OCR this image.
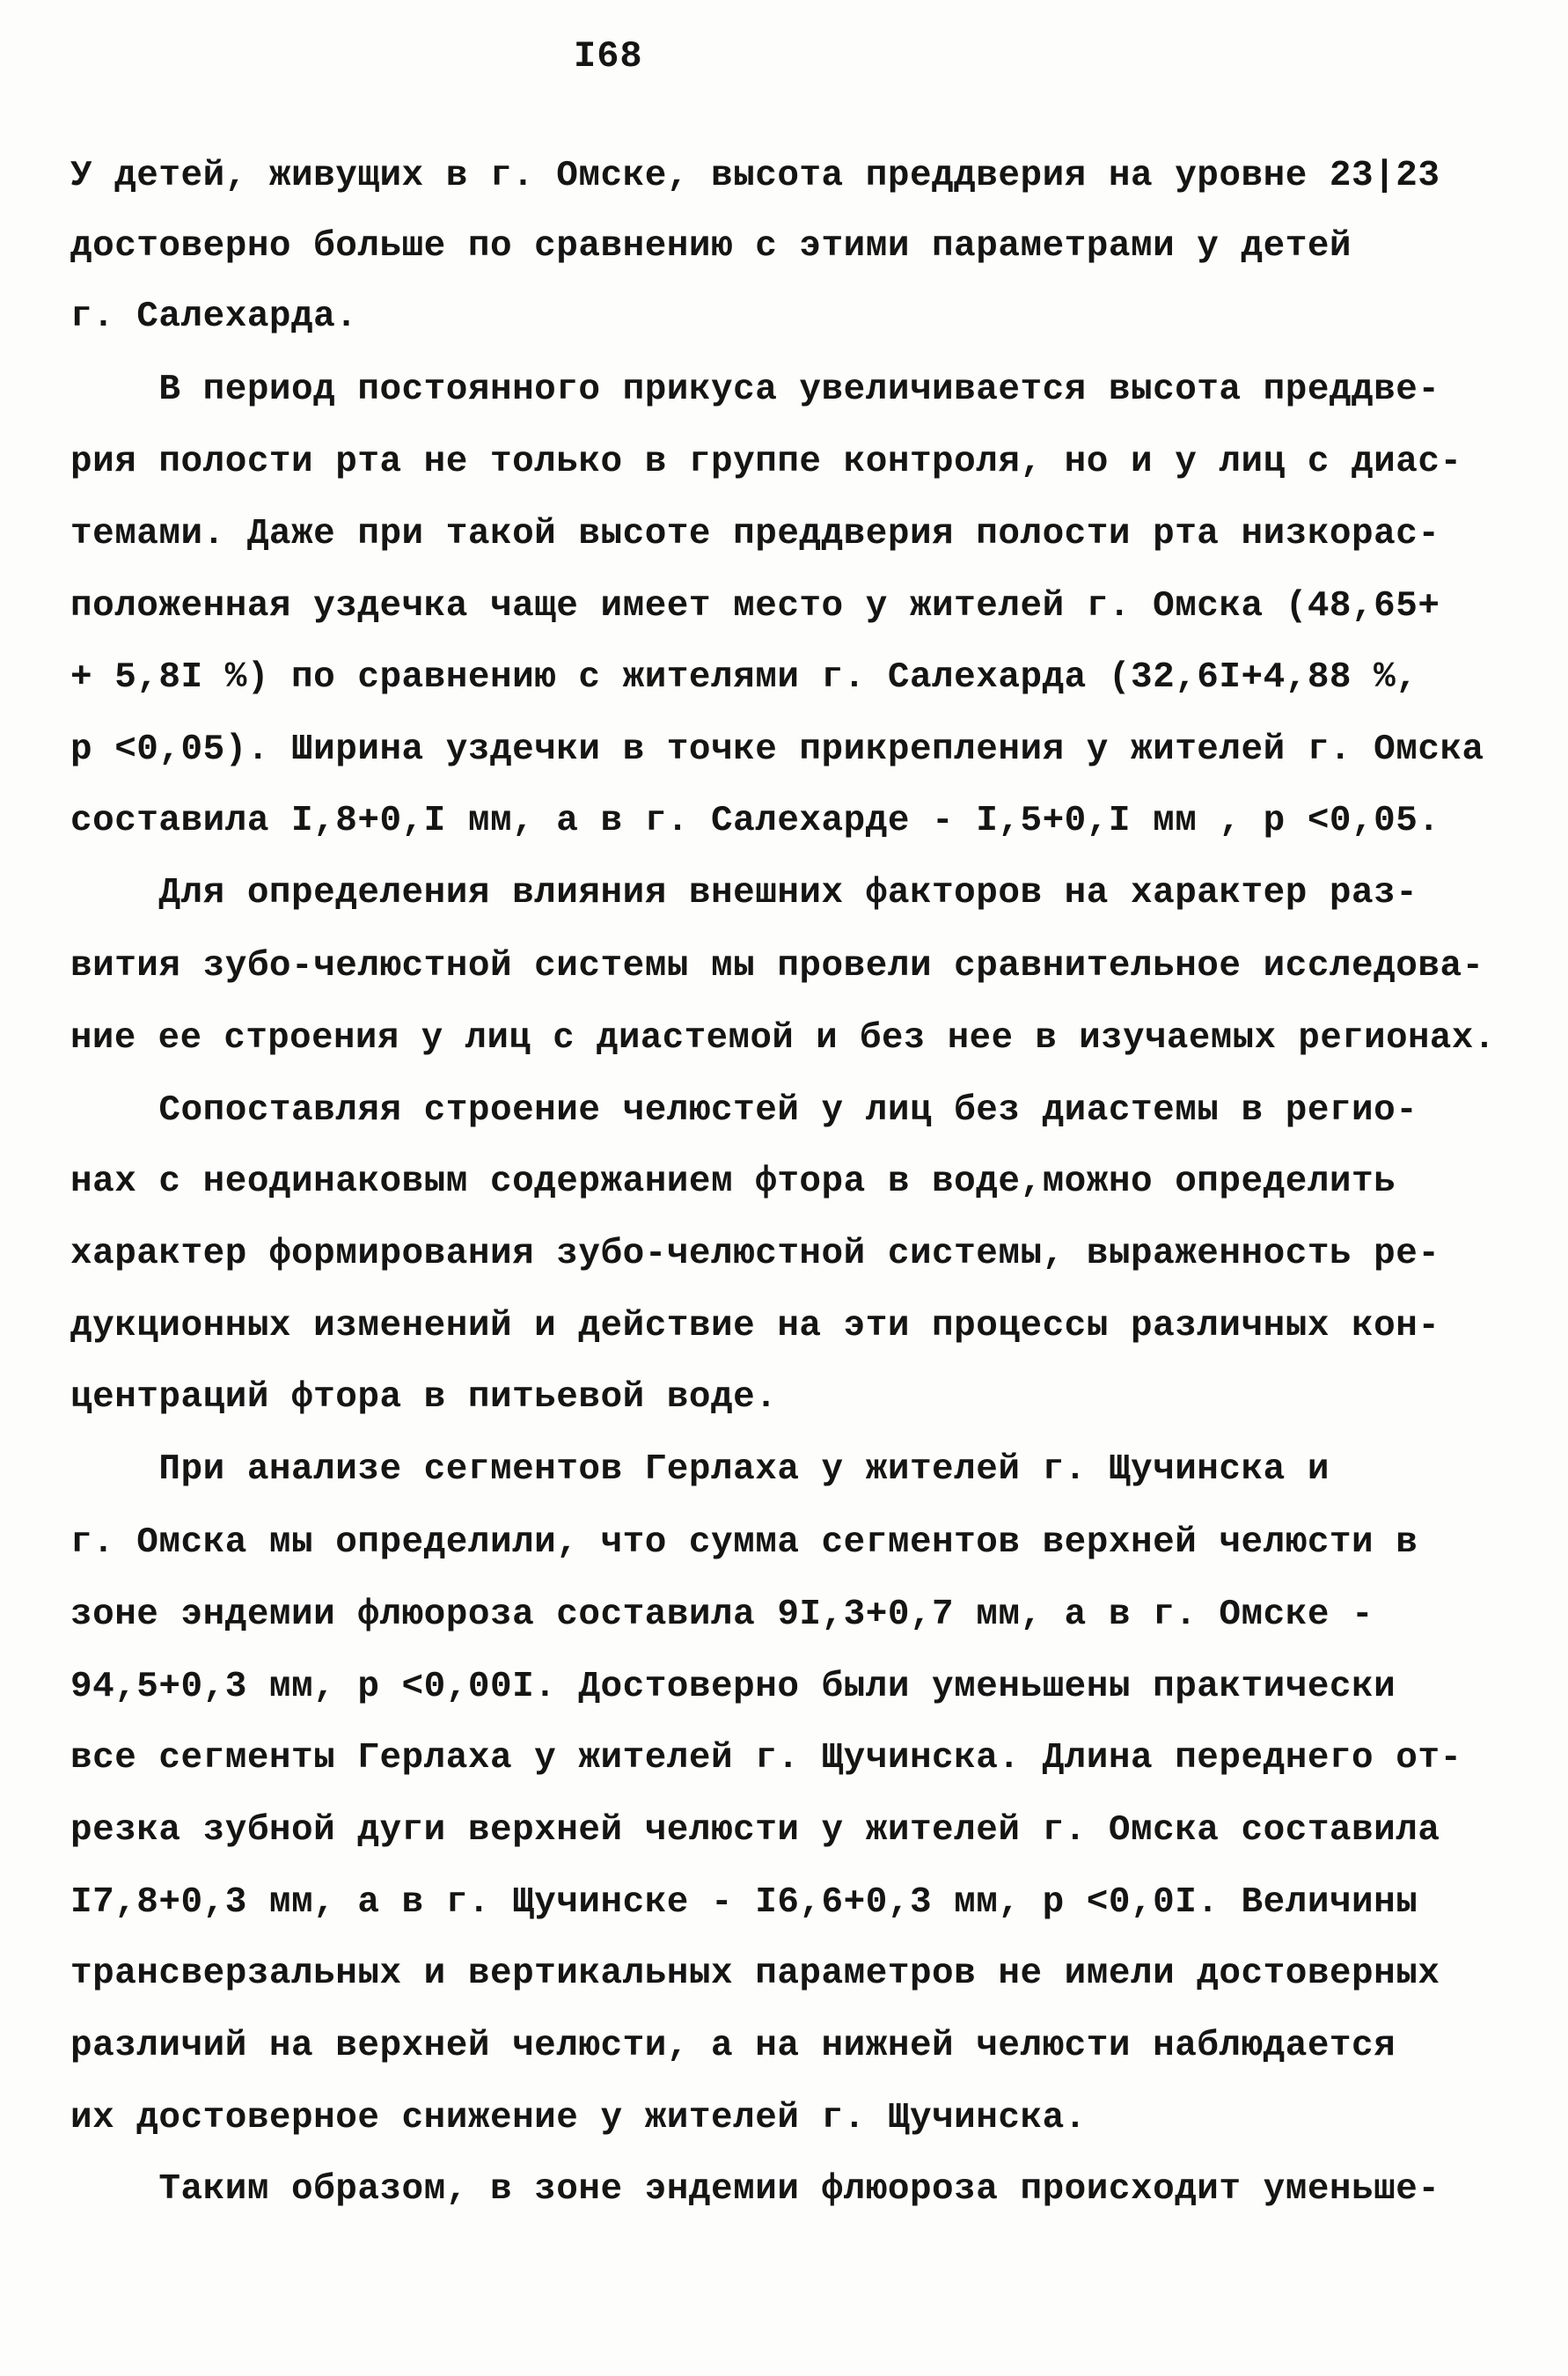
I68
У детей, живущих в г. Омске, высота преддверия на уровне 23|23
достоверно больше по сравнению с этими параметрами у детей
г. Салехарда.
В период постоянного прикуса увеличивается высота преддве-
рия полости рта не только в группе контроля, но и у лиц с диас-
темами. Даже при такой высоте преддверия полости рта низкорас-
положенная уздечка чаще имеет место у жителей г. Омска (48,65+
+ 5,8I %) по сравнению с жителями г. Салехарда (32,6I+4,88 %,
р <0,05). Ширина уздечки в точке прикрепления у жителей г. Омска
составила I,8+0,I мм, а в г. Салехарде - I,5+0,I мм , р <0,05.
Для определения влияния внешних факторов на характер раз-
вития зубо-челюстной системы мы провели сравнительное исследова-
ние ее строения у лиц с диастемой и без нее в изучаемых регионах.
Сопоставляя строение челюстей у лиц без диастемы в регио-
нах с неодинаковым содержанием фтора в воде,можно определить
характер формирования зубо-челюстной системы, выраженность ре-
дукционных изменений и действие на эти процессы различных кон-
центраций фтора в питьевой воде.
При анализе сегментов Герлаха у жителей г. Щучинска и
г. Омска мы определили, что сумма сегментов верхней челюсти в
зоне эндемии флюороза составила 9I,3+0,7 мм, а в г. Омске -
94,5+0,3 мм, р <0,00I. Достоверно были уменьшены практически
все сегменты Герлаха у жителей г. Щучинска. Длина переднего от-
резка зубной дуги верхней челюсти у жителей г. Омска составила
I7,8+0,3 мм, а в г. Щучинске - I6,6+0,3 мм, р <0,0I. Величины
трансверзальных и вертикальных параметров не имели достоверных
различий на верхней челюсти, а на нижней челюсти наблюдается
их достоверное снижение у жителей г. Щучинска.
Таким образом, в зоне эндемии флюороза происходит уменьше-
